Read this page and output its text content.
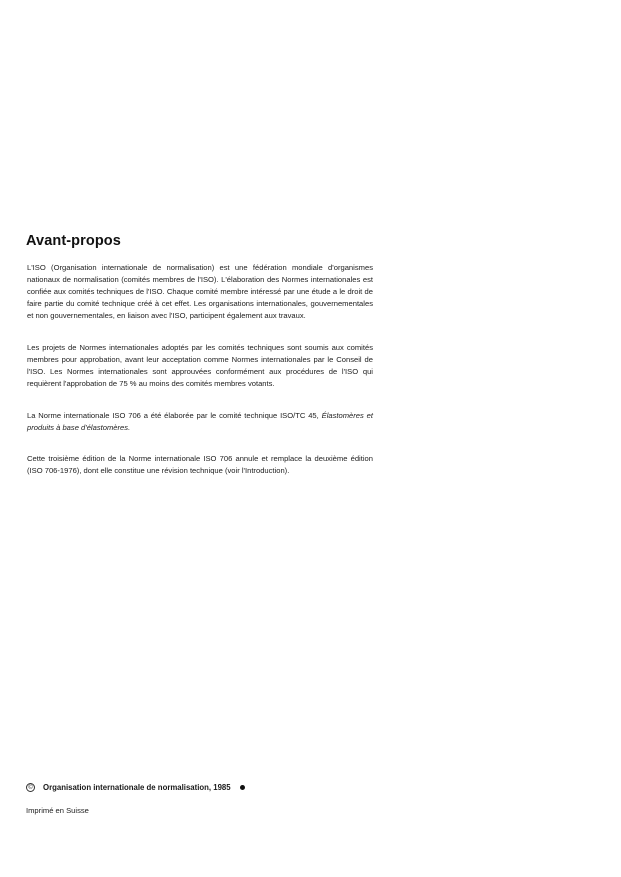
Avant-propos

L'ISO (Organisation internationale de normalisation) est une fédération mondiale d'organismes nationaux de normalisation (comités membres de l'ISO). L'élaboration des Normes internationales est confiée aux comités techniques de l'ISO. Chaque comité membre intéressé par une étude a le droit de faire partie du comité technique créé à cet effet. Les organisations internationales, gouvernementales et non gouvernementales, en liaison avec l'ISO, participent également aux travaux.

Les projets de Normes internationales adoptés par les comités techniques sont soumis aux comités membres pour approbation, avant leur acceptation comme Normes internationales par le Conseil de l'ISO. Les Normes internationales sont approuvées conformément aux procédures de l'ISO qui requièrent l'approbation de 75 % au moins des comités membres votants.

La Norme internationale ISO 706 a été élaborée par le comité technique ISO/TC 45, Élastomères et produits à base d'élastomères.

Cette troisième édition de la Norme internationale ISO 706 annule et remplace la deuxième édition (ISO 706-1976), dont elle constitue une révision technique (voir l'Introduction).

© Organisation internationale de normalisation, 1985
Imprimé en Suisse
